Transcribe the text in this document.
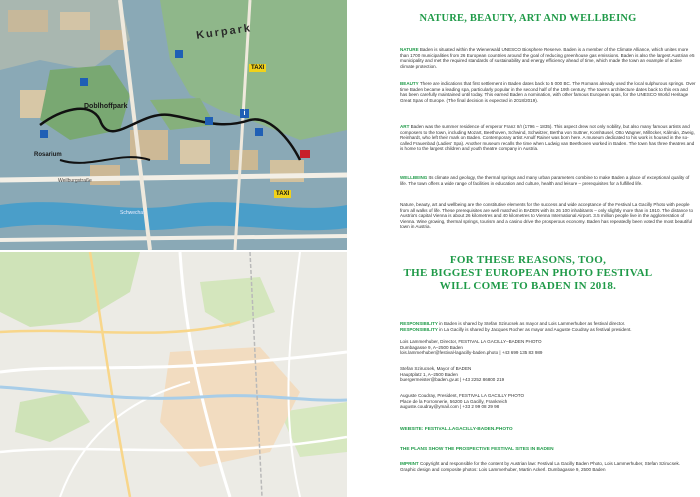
Kurpark
TAXI
TAXI
Doblhoffpark
Rosarium
Weilburgstraße
Schwechat
i
NATURE, BEAUTY, ART AND WELLBEING

NATURE Baden is situated within the Wienerwald UNESCO Biosphere Reserve. Baden is a member of the Climate Alliance, which unites more than 1700 municipalities from 26 European countries around the goal of reducing greenhouse gas emissions. Baden is also the largest Austrian e5 municipality and met the required standards of sustainability and energy efficiency ahead of time, which made the town an example of active climate protection.

BEAUTY There are indications that first settlement in Baden dates back to 5 000 BC. The Romans already used the local sulphurous springs. Over time Baden became a leading spa, particularly popular in the second half of the 19th century. The town's architecture dates back to this era and has been carefully maintained until today. This earned Baden a nomination, with other famous European spas, for the UNESCO World Heritage Great Spas of Europe. (The final decision is expected in 2018/2019).

ART Baden was the summer residence of emperor Franz II/I (1796 – 1835). This aspect drew not only nobility, but also many famous artists and composers to the town, including Mozart, Beethoven, Schwind, Schwitzer, Bertha von Suttner, Komhäusel, Otto Wagner, Millöcker, Kálmán, Zweig, Reinhardt, who left their mark on Baden. Contemporary artist Arnulf Rainer was born here. A museum dedicated to his work is housed in the so-called Frauenbad (Ladies' Spa). Another museum recalls the time when Ludwig van Beethoven worked in Baden. The town has three theatres and is home to the largest children and youth theatre company in Austria.

WELLBEING Its climate and geology, the thermal springs and many urban parameters combine to make Baden a place of exceptional quality of life. The town offers a wide range of facilities in education and culture, health and leisure – prerequisites for a fulfilled life.

Nature, beauty, art and wellbeing are the constitutive elements for the success and wide acceptance of the Festival La Gacilly Photo with people from all walks of life. These prerequisites are well matched in BADEN with its 26 100 inhabitants – only slightly more than in 1910. The distance to Austria's capital Vienna is about 26 kilometres and 40 kilometres to Vienna International Airport. 3.5 million people live in the agglomeration of Vienna. Wine growing, thermal springs, tourism and a casino drive the prosperous economy. Baden has repeatedly been voted the most beautiful town in Austria.

FOR THESE REASONS, TOO,
THE BIGGEST EUROPEAN PHOTO FESTIVAL
WILL COME TO BADEN IN 2018.
RESPONSIBILITY in Baden is shared by Stefan Szirucsek as mayor and Lois Lammerhuber as festival director.
RESPONSIBILITY in La Gacilly is shared by Jacques Rocher as mayor and Auguste Coudray as festival president.
Lois Lammerhuber, Director, FESTIVAL LA GACILLY–BADEN PHOTO
Dumbagasse 9, A–2500 Baden
lois.lammerhuber@festival-lagacilly-baden.photo | +43 699 135 83 989
Stefan Szirucsek, Mayor of BADEN
Hauptplatz 1, A–2500 Baden
buergermeister@baden.gv.at | +43 2252 86800 219
Auguste Coudray, President, FESTIVAL LA GACILLY PHOTO
Place de la Forronnerie, 56200 La Gacilly, Frankreich
auguste.coudray@ymail.com | +33 2 99 08 29 98
WEBSITE: FESTIVAL.LAGACILLY-BADEN.PHOTO
THE PLANS SHOW THE PROSPECTIVE FESTIVAL SITES IN BADEN

IMPRINT Copyright and responsible for the content by Austrian law: Festival La Gacilly Baden Photo, Lois Lammerhuber, Stefan Szirucsek. Graphic design and composite photos: Lois Lammerhuber, Martin Ackerl. Dumbagasse 9, 2500 Baden
